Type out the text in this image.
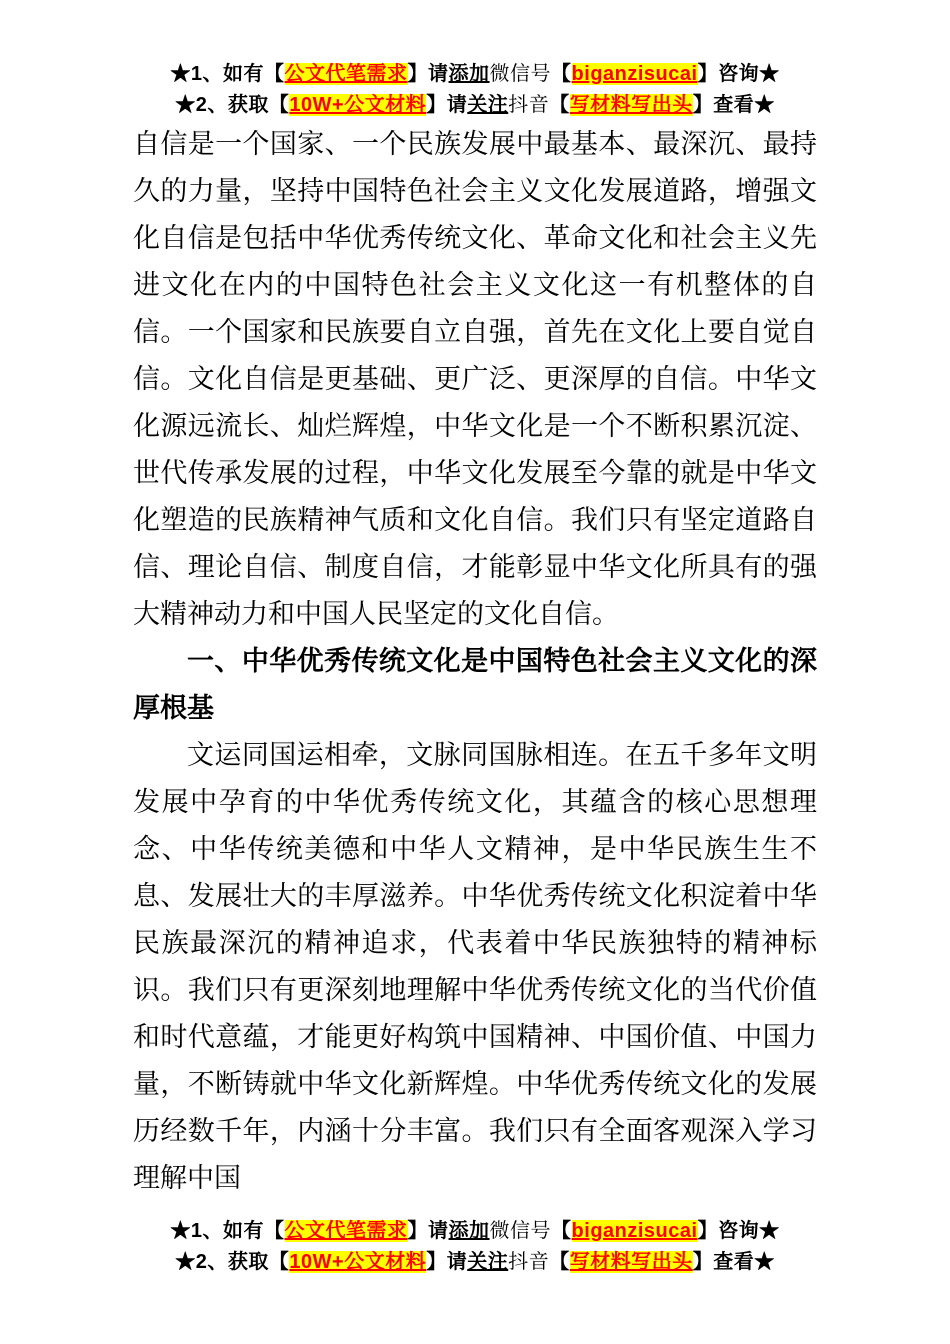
★1、如有【公文代笔需求】请添加微信号【biganzisucai】咨询★
★2、获取【10W+公文材料】请关注抖音【写材料写出头】查看★

自信是一个国家、一个民族发展中最基本、最深沉、最持久的力量，坚持中国特色社会主义文化发展道路，增强文化自信是包括中华优秀传统文化、革命文化和社会主义先进文化在内的中国特色社会主义文化这一有机整体的自信。一个国家和民族要自立自强，首先在文化上要自觉自信。文化自信是更基础、更广泛、更深厚的自信。中华文化源远流长、灿烂辉煌，中华文化是一个不断积累沉淀、世代传承发展的过程，中华文化发展至今靠的就是中华文化塑造的民族精神气质和文化自信。我们只有坚定道路自信、理论自信、制度自信，才能彰显中华文化所具有的强大精神动力和中国人民坚定的文化自信。

一、中华优秀传统文化是中国特色社会主义文化的深厚根基

文运同国运相牵，文脉同国脉相连。在五千多年文明发展中孕育的中华优秀传统文化，其蕴含的核心思想理念、中华传统美德和中华人文精神，是中华民族生生不息、发展壮大的丰厚滋养。中华优秀传统文化积淀着中华民族最深沉的精神追求，代表着中华民族独特的精神标识。我们只有更深刻地理解中华优秀传统文化的当代价值和时代意蕴，才能更好构筑中国精神、中国价值、中国力量，不断铸就中华文化新辉煌。中华优秀传统文化的发展历经数千年，内涵十分丰富。我们只有全面客观深入学习理解中国

★1、如有【公文代笔需求】请添加微信号【biganzisucai】咨询★
★2、获取【10W+公文材料】请关注抖音【写材料写出头】查看★
